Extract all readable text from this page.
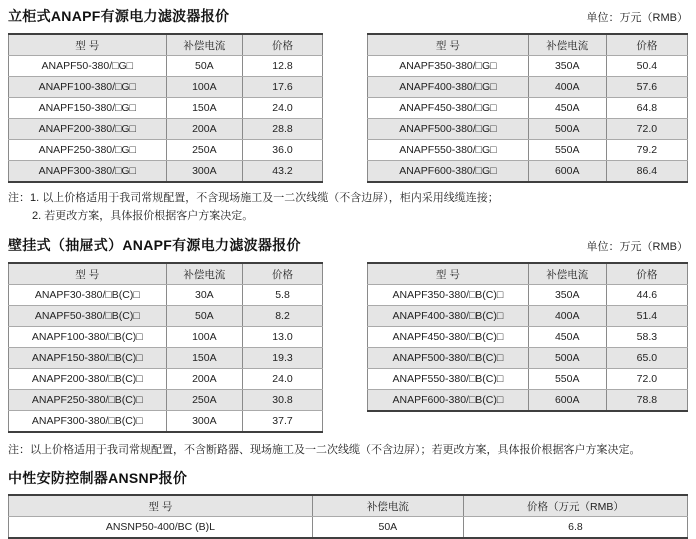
立柜式ANAPF有源电力滤波器报价	单位：万元（RMB）
型 号	补偿电流	价格
ANAPF50-380/□G□	50A	12.8
ANAPF100-380/□G□	100A	17.6
ANAPF150-380/□G□	150A	24.0
ANAPF200-380/□G□	200A	28.8
ANAPF250-380/□G□	250A	36.0
ANAPF300-380/□G□	300A	43.2
型 号	补偿电流	价格
ANAPF350-380/□G□	350A	50.4
ANAPF400-380/□G□	400A	57.6
ANAPF450-380/□G□	450A	64.8
ANAPF500-380/□G□	500A	72.0
ANAPF550-380/□G□	550A	79.2
ANAPF600-380/□G□	600A	86.4
注：1. 以上价格适用于我司常规配置，不含现场施工及一二次线缆（不含边屏），柜内采用线缆连接；
2. 若更改方案，具体报价根据客户方案决定。
壁挂式（抽屉式）ANAPF有源电力滤波器报价	单位：万元（RMB）
型 号	补偿电流	价格
ANAPF30-380/□B(C)□	30A	5.8
ANAPF50-380/□B(C)□	50A	8.2
ANAPF100-380/□B(C)□	100A	13.0
ANAPF150-380/□B(C)□	150A	19.3
ANAPF200-380/□B(C)□	200A	24.0
ANAPF250-380/□B(C)□	250A	30.8
ANAPF300-380/□B(C)□	300A	37.7
型 号	补偿电流	价格
ANAPF350-380/□B(C)□	350A	44.6
ANAPF400-380/□B(C)□	400A	51.4
ANAPF450-380/□B(C)□	450A	58.3
ANAPF500-380/□B(C)□	500A	65.0
ANAPF550-380/□B(C)□	550A	72.0
ANAPF600-380/□B(C)□	600A	78.8
注：以上价格适用于我司常规配置，不含断路器、现场施工及一二次线缆（不含边屏）；若更改方案，具体报价根据客户方案决定。
中性安防控制器ANSNP报价
型 号	补偿电流	价格（万元（RMB）
ANSNP50-400/BC (B)L	50A	6.8
